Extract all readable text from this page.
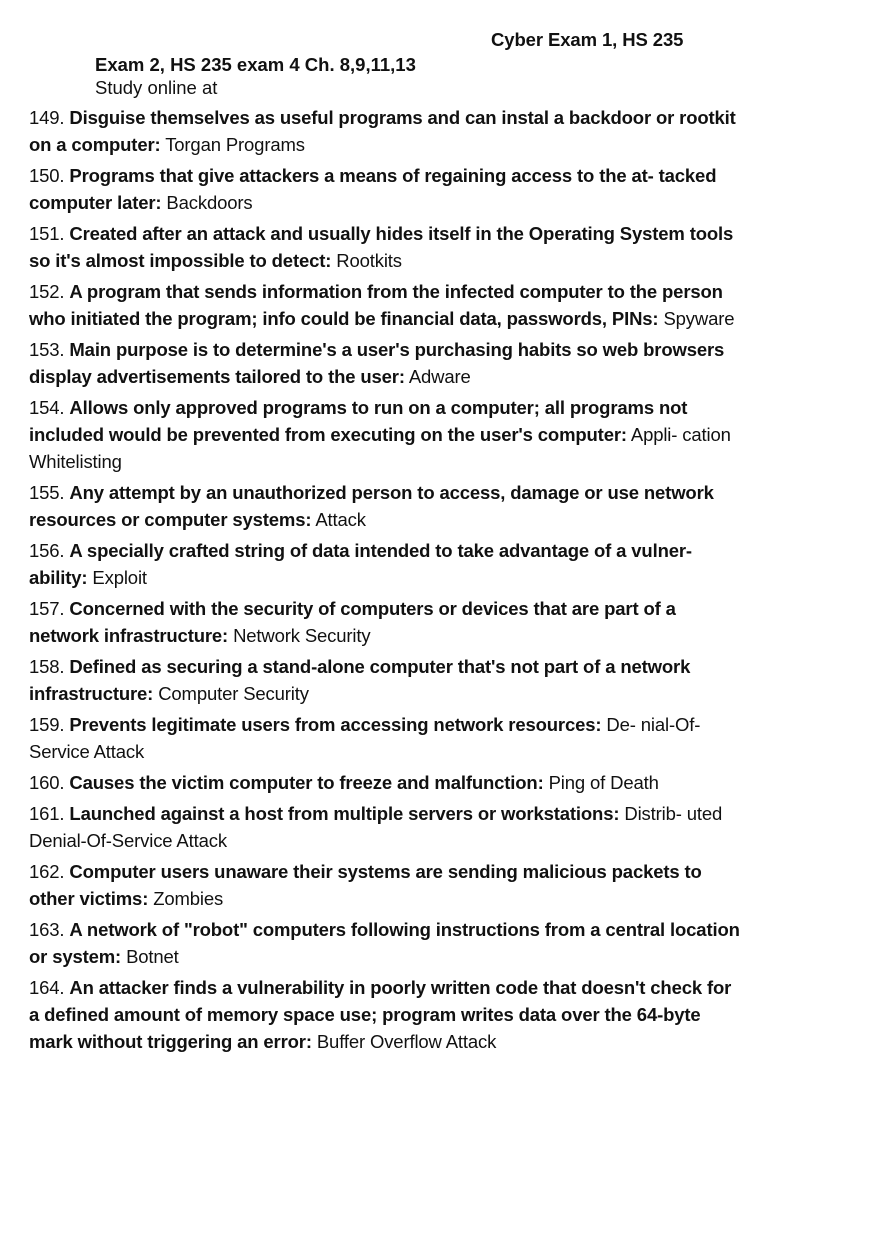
Cyber Exam 1, HS 235
Exam 2, HS 235 exam 4 Ch. 8,9,11,13
Study online at
149. Disguise themselves as useful programs and can instal a backdoor or rootkit on a computer: Torgan Programs
150. Programs that give attackers a means of regaining access to the at- tacked computer later: Backdoors
151. Created after an attack and usually hides itself in the Operating System tools so it's almost impossible to detect: Rootkits
152. A program that sends information from the infected computer to the person who initiated the program; info could be financial data, passwords, PINs: Spyware
153. Main purpose is to determine's a user's purchasing habits so web browsers display advertisements tailored to the user: Adware
154. Allows only approved programs to run on a computer; all programs not included would be prevented from executing on the user's computer: Appli- cation Whitelisting
155. Any attempt by an unauthorized person to access, damage or use network resources or computer systems: Attack
156. A specially crafted string of data intended to take advantage of a vulner- ability: Exploit
157. Concerned with the security of computers or devices that are part of a network infrastructure: Network Security
158. Defined as securing a stand-alone computer that's not part of a network infrastructure: Computer Security
159. Prevents legitimate users from accessing network resources: De- nial-Of-Service Attack
160. Causes the victim computer to freeze and malfunction: Ping of Death
161. Launched against a host from multiple servers or workstations: Distrib- uted Denial-Of-Service Attack
162. Computer users unaware their systems are sending malicious packets to other victims: Zombies
163. A network of "robot" computers following instructions from a central location or system: Botnet
164. An attacker finds a vulnerability in poorly written code that doesn't check for a defined amount of memory space use; program writes data over the 64-byte mark without triggering an error: Buffer Overflow Attack
